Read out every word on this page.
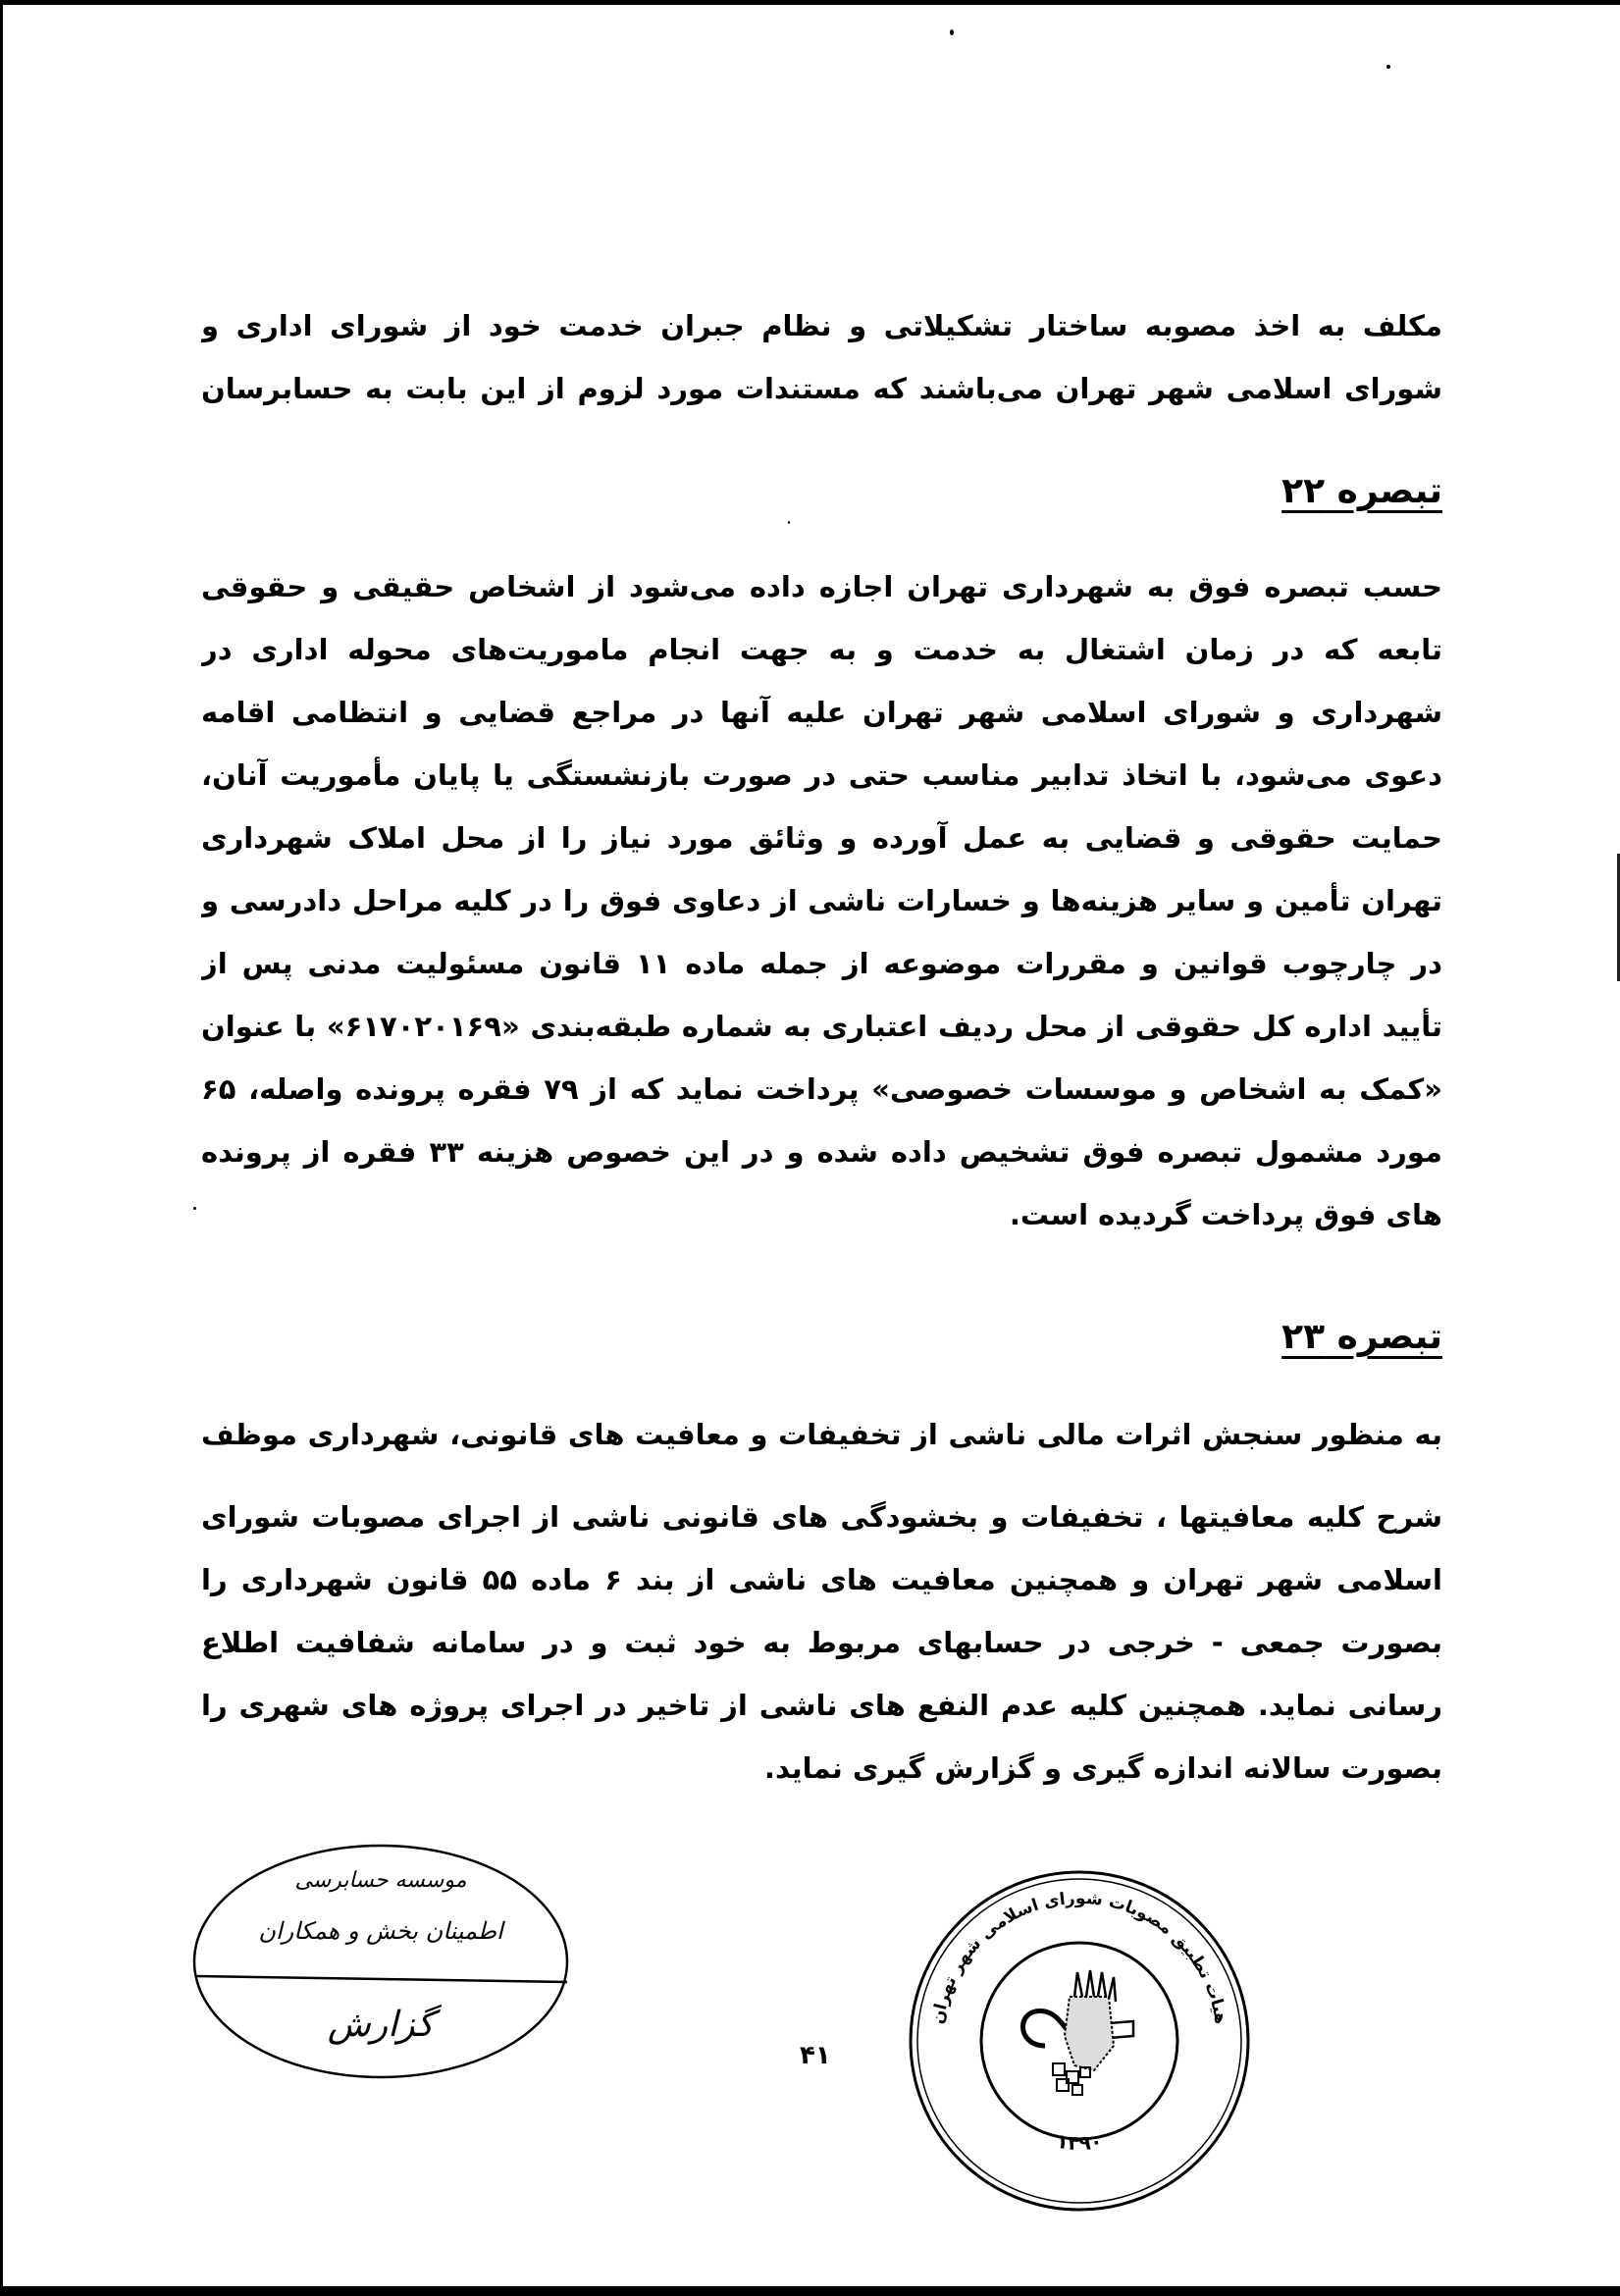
مکلف به اخذ مصوبه ساختار تشکیلاتی و نظام جبران خدمت خود از شورای اداری و شورای اسلامی شهر تهران می‌باشند که مستندات مورد لزوم از این بابت به حسابرسان

تبصره ۲۲

حسب تبصره فوق به شهرداری تهران اجازه داده می‌شود از اشخاص حقیقی و حقوقی تابعه که در زمان اشتغال به خدمت و به جهت انجام ماموریت‌های محوله اداری در شهرداری و شورای اسلامی شهر تهران علیه آنها در مراجع قضایی و انتظامی اقامه دعوی می‌شود، با اتخاذ تدابیر مناسب حتی در صورت بازنشستگی یا پایان مأموریت آنان، حمایت حقوقی و قضایی به عمل آورده و وثائق مورد نیاز را از محل املاک شهرداری تهران تأمین و سایر هزینه‌ها و خسارات ناشی از دعاوی فوق را در کلیه مراحل دادرسی و در چارچوب قوانین و مقررات موضوعه از جمله ماده ۱۱ قانون مسئولیت مدنی پس از تأیید اداره کل حقوقی از محل ردیف اعتباری به شماره طبقه‌بندی «۶۱۷۰۲۰۱۶۹» با عنوان «کمک به اشخاص و موسسات خصوصی» پرداخت نماید که از ۷۹ فقره پرونده واصله، ۶۵ مورد مشمول تبصره فوق تشخیص داده شده و در این خصوص هزینه ۳۳ فقره از پرونده های فوق پرداخت گردیده است.

تبصره ۲۳

به منظور سنجش اثرات مالی ناشی از تخفیفات و معافیت های قانونی، شهرداری موظف

شرح کلیه معافیتها ، تخفیفات و بخشودگی های قانونی ناشی از اجرای مصوبات شورای اسلامی شهر تهران و همچنین معافیت های ناشی از بند ۶ ماده ۵۵ قانون شهرداری را بصورت جمعی - خرجی در حسابهای مربوط به خود ثبت و در سامانه شفافیت اطلاع رسانی نماید. همچنین کلیه عدم النفع های ناشی از تاخیر در اجرای پروژه های شهری را بصورت سالانه اندازه گیری و گزارش گیری نماید.

موسسه حسابرسی
اطمینان بخش و همکاران
گزارش
۴۱
هیات تطبیق مصوبات شورای اسلامی شهر تهران
۱۳۹۰
